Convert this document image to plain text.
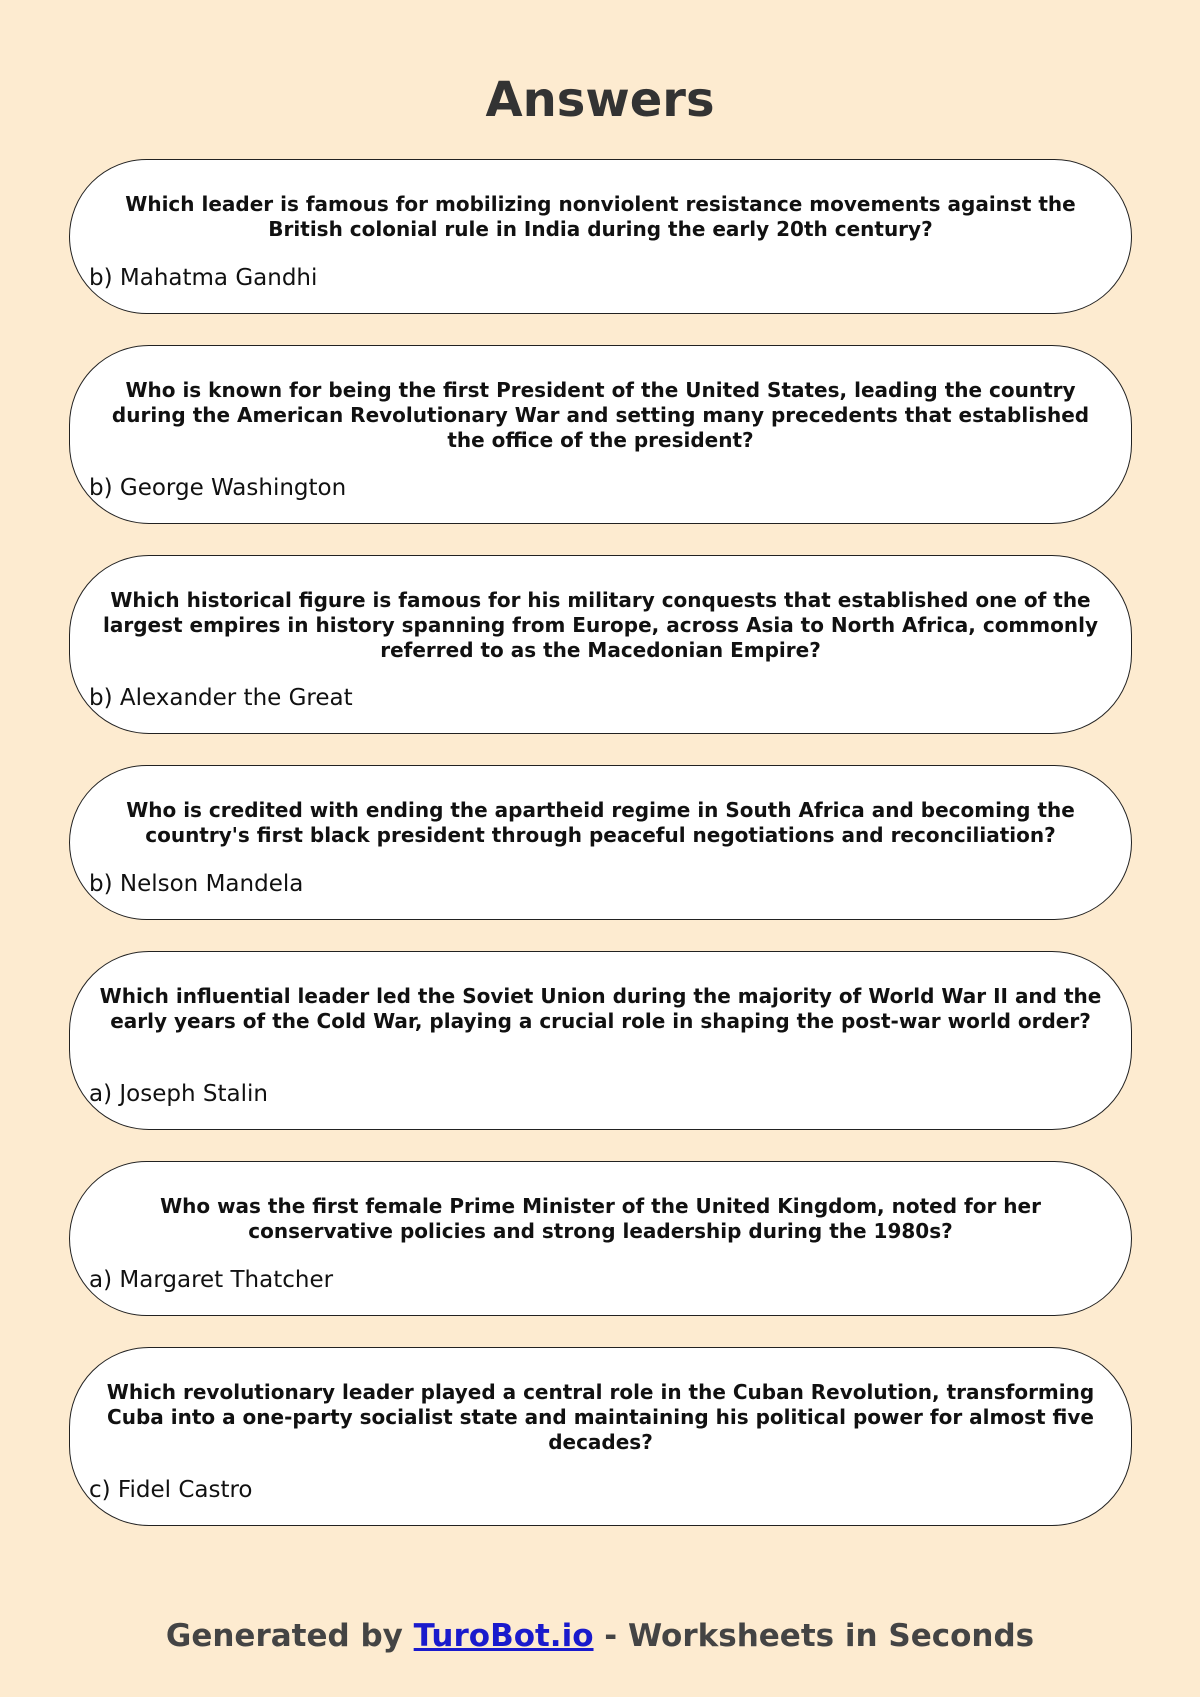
Answers
Which leader is famous for mobilizing nonviolent resistance movements against the British colonial rule in India during the early 20th century?
b) Mahatma Gandhi
Who is known for being the first President of the United States, leading the country during the American Revolutionary War and setting many precedents that established the office of the president?
b) George Washington
Which historical figure is famous for his military conquests that established one of the largest empires in history spanning from Europe, across Asia to North Africa, commonly referred to as the Macedonian Empire?
b) Alexander the Great
Who is credited with ending the apartheid regime in South Africa and becoming the country's first black president through peaceful negotiations and reconciliation?
b) Nelson Mandela
Which influential leader led the Soviet Union during the majority of World War II and the early years of the Cold War, playing a crucial role in shaping the post-war world order?
a) Joseph Stalin
Who was the first female Prime Minister of the United Kingdom, noted for her conservative policies and strong leadership during the 1980s?
a) Margaret Thatcher
Which revolutionary leader played a central role in the Cuban Revolution, transforming Cuba into a one-party socialist state and maintaining his political power for almost five decades?
c) Fidel Castro
Generated by TuroBot.io - Worksheets in Seconds
